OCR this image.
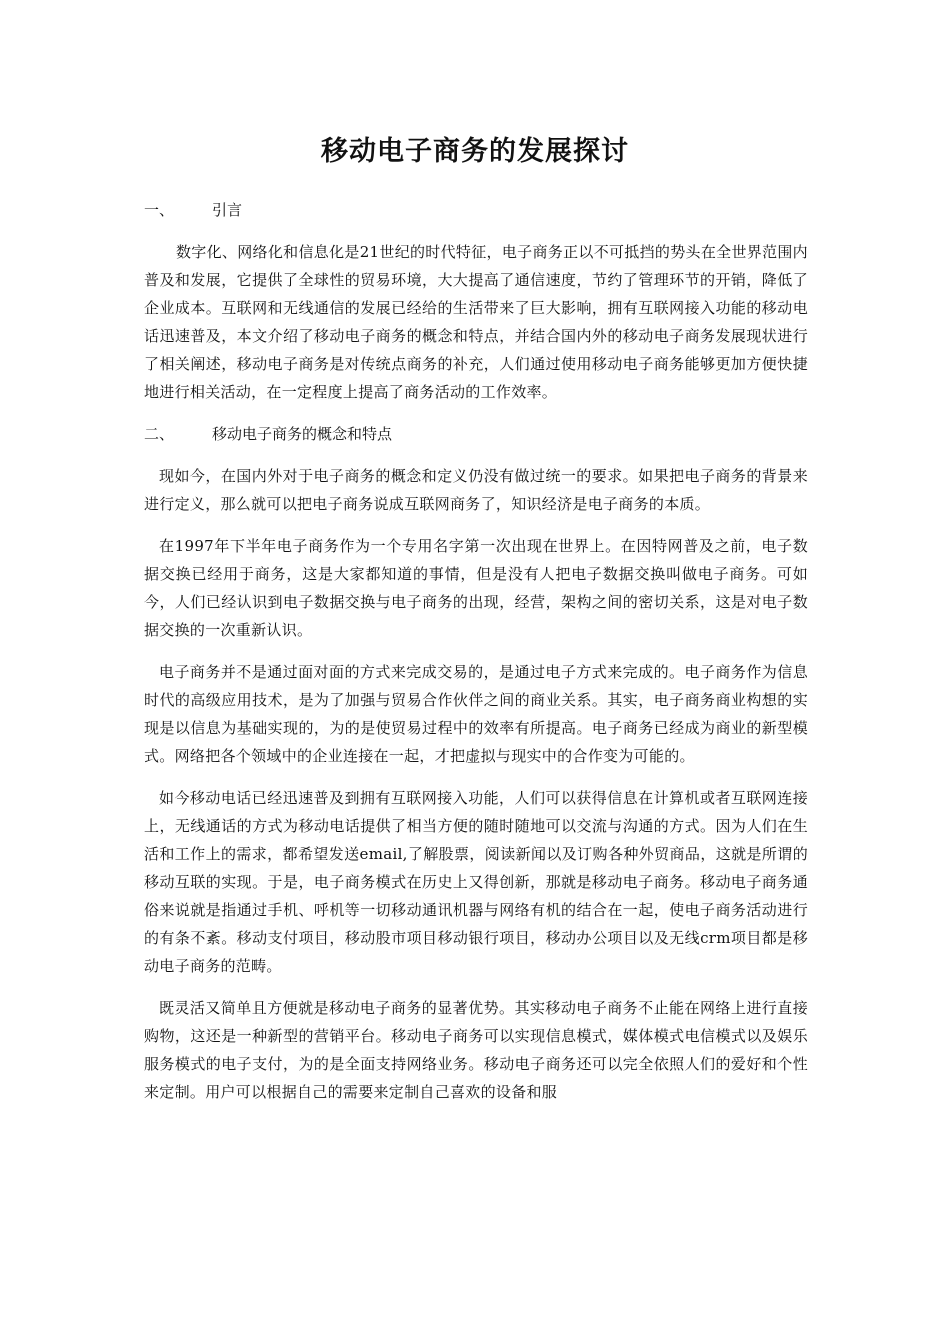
移动电子商务的发展探讨
一、	引言

数字化、网络化和信息化是21世纪的时代特征，电子商务正以不可抵挡的势头在全世界范围内普及和发展，它提供了全球性的贸易环境，大大提高了通信速度，节约了管理环节的开销，降低了企业成本。互联网和无线通信的发展已经给的生活带来了巨大影响，拥有互联网接入功能的移动电话迅速普及，本文介绍了移动电子商务的概念和特点，并结合国内外的移动电子商务发展现状进行了相关阐述，移动电子商务是对传统点商务的补充，人们通过使用移动电子商务能够更加方便快捷地进行相关活动，在一定程度上提高了商务活动的工作效率。

二、	移动电子商务的概念和特点

现如今，在国内外对于电子商务的概念和定义仍没有做过统一的要求。如果把电子商务的背景来进行定义，那么就可以把电子商务说成互联网商务了，知识经济是电子商务的本质。

在1997年下半年电子商务作为一个专用名字第一次出现在世界上。在因特网普及之前，电子数据交换已经用于商务，这是大家都知道的事情，但是没有人把电子数据交换叫做电子商务。可如今，人们已经认识到电子数据交换与电子商务的出现，经营，架构之间的密切关系，这是对电子数据交换的一次重新认识。

电子商务并不是通过面对面的方式来完成交易的，是通过电子方式来完成的。电子商务作为信息时代的高级应用技术，是为了加强与贸易合作伙伴之间的商业关系。其实，电子商务商业构想的实现是以信息为基础实现的，为的是使贸易过程中的效率有所提高。电子商务已经成为商业的新型模式。网络把各个领域中的企业连接在一起，才把虚拟与现实中的合作变为可能的。

如今移动电话已经迅速普及到拥有互联网接入功能，人们可以获得信息在计算机或者互联网连接上，无线通话的方式为移动电话提供了相当方便的随时随地可以交流与沟通的方式。因为人们在生活和工作上的需求，都希望发送email,了解股票，阅读新闻以及订购各种外贸商品，这就是所谓的移动互联的实现。于是，电子商务模式在历史上又得创新，那就是移动电子商务。移动电子商务通俗来说就是指通过手机、呼机等一切移动通讯机器与网络有机的结合在一起，使电子商务活动进行的有条不紊。移动支付项目，移动股市项目移动银行项目，移动办公项目以及无线crm项目都是移动电子商务的范畴。

既灵活又简单且方便就是移动电子商务的显著优势。其实移动电子商务不止能在网络上进行直接购物，这还是一种新型的营销平台。移动电子商务可以实现信息模式，媒体模式电信模式以及娱乐服务模式的电子支付，为的是全面支持网络业务。移动电子商务还可以完全依照人们的爱好和个性来定制。用户可以根据自己的需要来定制自己喜欢的设备和服
